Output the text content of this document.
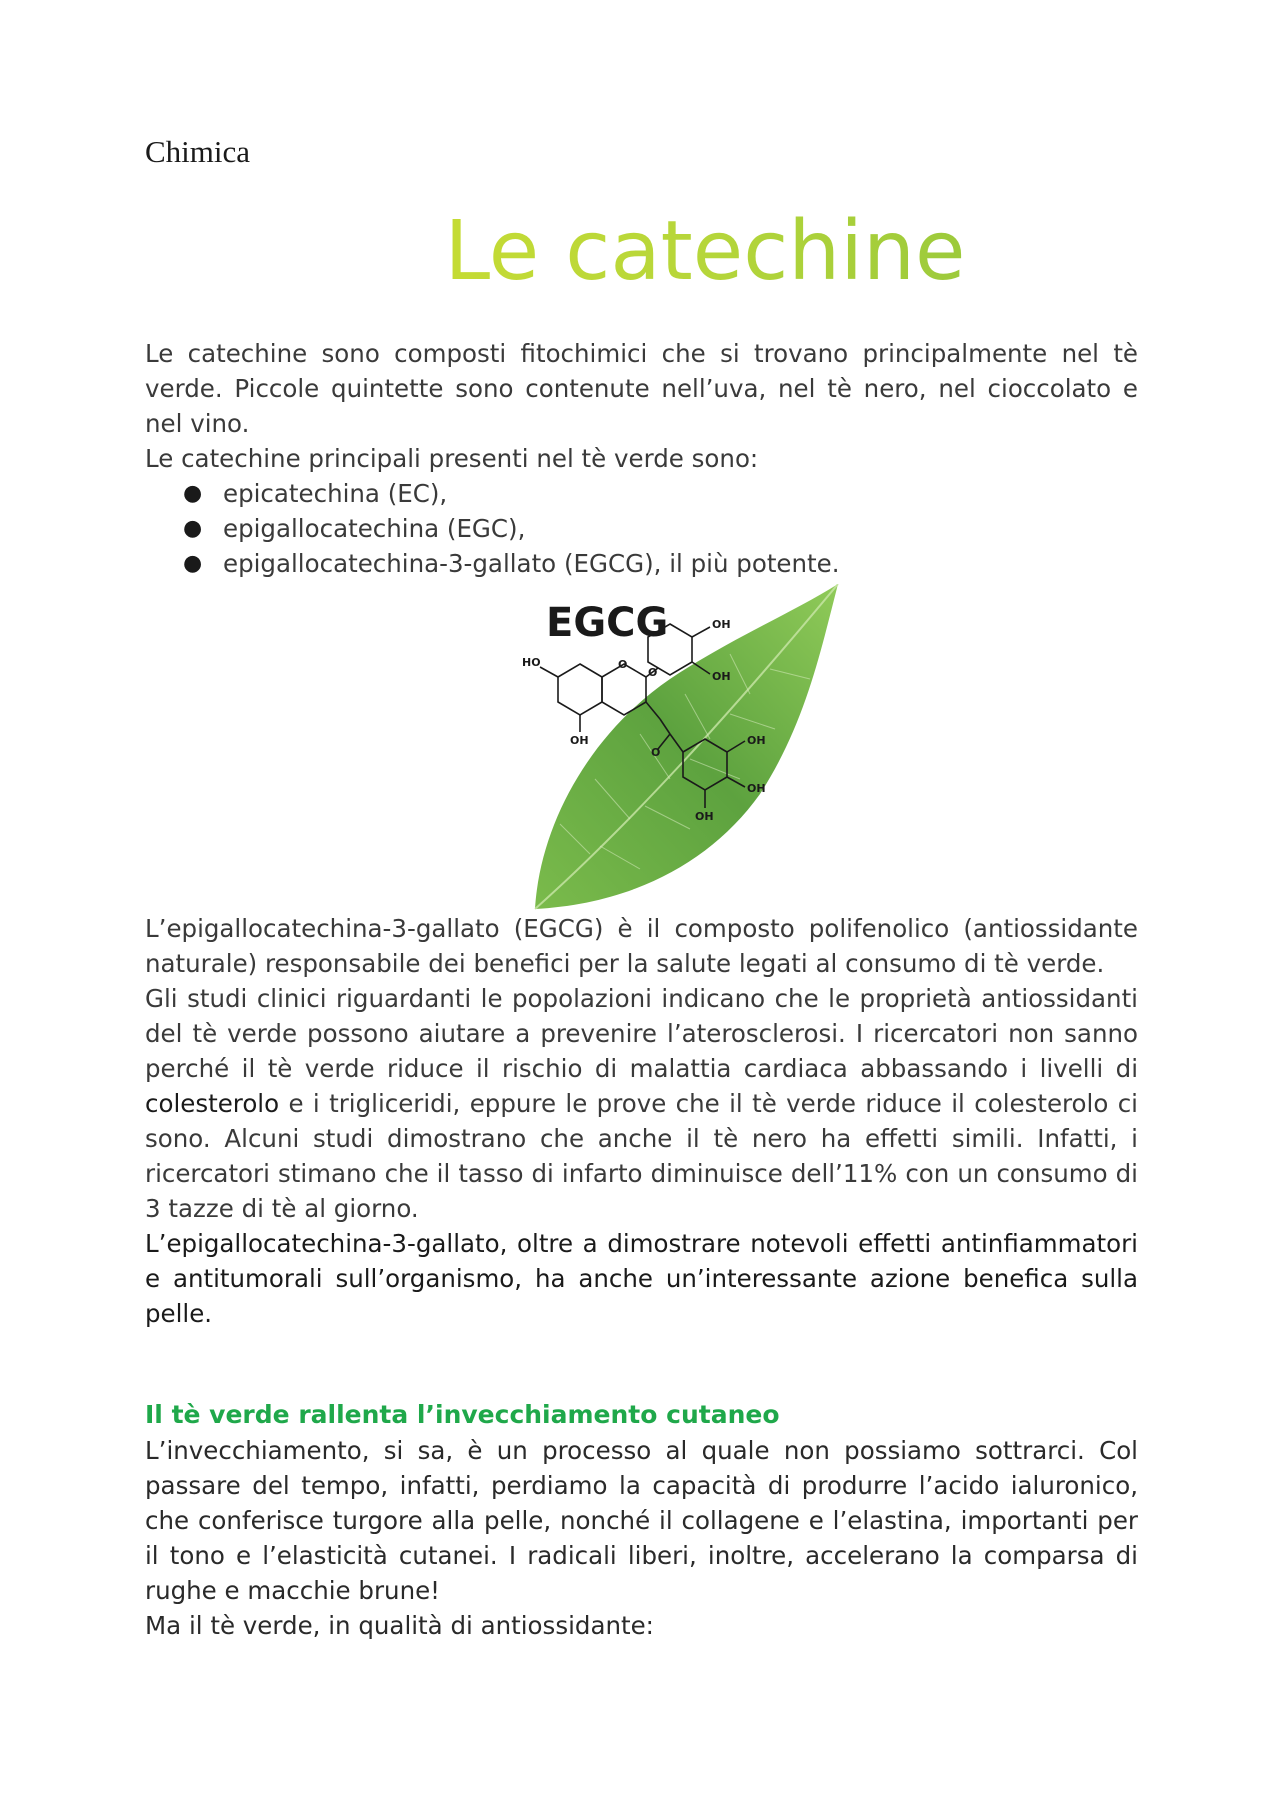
Chimica
Le catechine

Le catechine sono composti fitochimici che si trovano principalmente nel tè verde. Piccole quintette sono contenute nell’uva, nel tè nero, nel cioccolato e nel vino.

Le catechine principali presenti nel tè verde sono:

● epicatechina (EC),
● epigallocatechina (EGC),
● epigallocatechina-3-gallato (EGCG), il più potente.
EGCG
HO
OH
OH
OH
OH
OH
OH
O
O
O

L’epigallocatechina-3-gallato (EGCG) è il composto polifenolico (antiossidante naturale) responsabile dei benefici per la salute legati al consumo di tè verde.

Gli studi clinici riguardanti le popolazioni indicano che le proprietà antiossidanti del tè verde possono aiutare a prevenire l’aterosclerosi. I ricercatori non sanno perché il tè verde riduce il rischio di malattia cardiaca abbassando i livelli di colesterolo e i trigliceridi, eppure le prove che il tè verde riduce il colesterolo ci sono. Alcuni studi dimostrano che anche il tè nero ha effetti simili. Infatti, i ricercatori stimano che il tasso di infarto diminuisce dell’11% con un consumo di 3 tazze di tè al giorno.

L’epigallocatechina-3-gallato, oltre a dimostrare notevoli effetti antinfiammatori e antitumorali sull’organismo, ha anche un’interessante azione benefica sulla pelle.

Il tè verde rallenta l’invecchiamento cutaneo

L’invecchiamento, si sa, è un processo al quale non possiamo sottrarci. Col passare del tempo, infatti, perdiamo la capacità di produrre l’acido ialuronico, che conferisce turgore alla pelle, nonché il collagene e l’elastina, importanti per il tono e l’elasticità cutanei. I radicali liberi, inoltre, accelerano la comparsa di rughe e macchie brune!

Ma il tè verde, in qualità di antiossidante:
